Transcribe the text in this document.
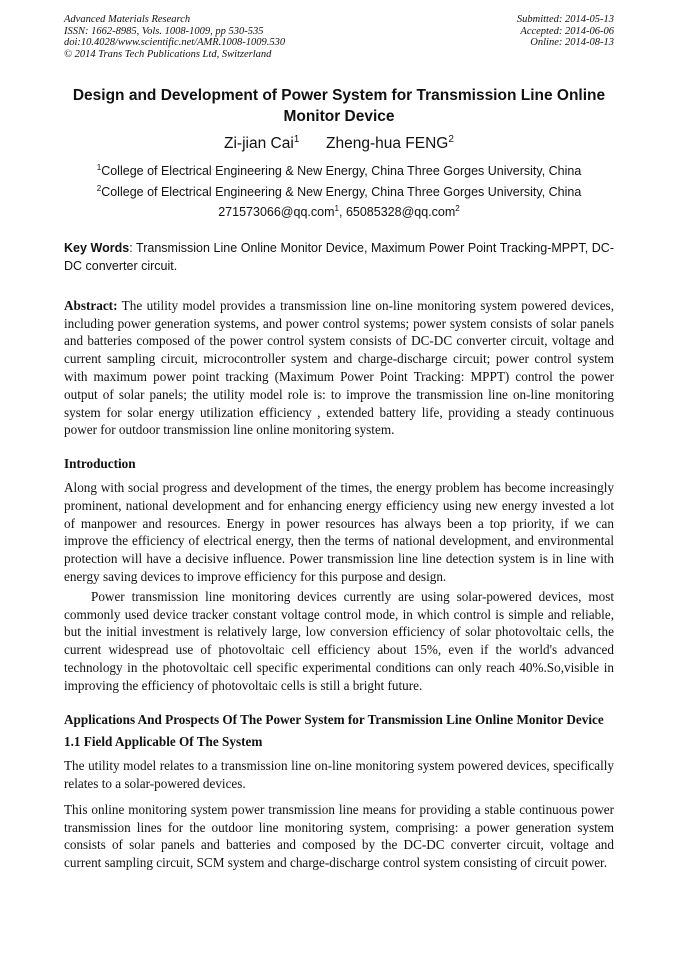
Advanced Materials Research
ISSN: 1662-8985, Vols. 1008-1009, pp 530-535
doi:10.4028/www.scientific.net/AMR.1008-1009.530
© 2014 Trans Tech Publications Ltd, Switzerland
Submitted: 2014-05-13
Accepted: 2014-06-06
Online: 2014-08-13
Design and Development of Power System for Transmission Line Online Monitor Device
Zi-jian Cai$^1$ Zheng-hua FENG$^2$
$^1$College of Electrical Engineering & New Energy, China Three Gorges University, China
$^2$College of Electrical Engineering & New Energy, China Three Gorges University, China
271573066@qq.com$^1$, 65085328@qq.com$^2$
Key Words: Transmission Line Online Monitor Device, Maximum Power Point Tracking-MPPT, DC-DC converter circuit.

Abstract: The utility model provides a transmission line on-line monitoring system powered devices, including power generation systems, and power control systems; power system consists of solar panels and batteries composed of the power control system consists of DC-DC converter circuit, voltage and current sampling circuit, microcontroller system and charge-discharge circuit; power control system with maximum power point tracking (Maximum Power Point Tracking: MPPT) control the power output of solar panels; the utility model role is: to improve the transmission line on-line monitoring system for solar energy utilization efficiency , extended battery life, providing a steady continuous power for outdoor transmission line online monitoring system.

Introduction

Along with social progress and development of the times, the energy problem has become increasingly prominent, national development and for enhancing energy efficiency using new energy invested a lot of manpower and resources. Energy in power resources has always been a top priority, if we can improve the efficiency of electrical energy, then the terms of national development, and environmental protection will have a decisive influence. Power transmission line line detection system is in line with energy saving devices to improve efficiency for this purpose and design.

Power transmission line monitoring devices currently are using solar-powered devices, most commonly used device tracker constant voltage control mode, in which control is simple and reliable, but the initial investment is relatively large, low conversion efficiency of solar photovoltaic cells, the current widespread use of photovoltaic cell efficiency about 15%, even if the world's advanced technology in the photovoltaic cell specific experimental conditions can only reach 40%.So,visible in improving the efficiency of photovoltaic cells is still a bright future.

Applications And Prospects Of The Power System for Transmission Line Online Monitor Device

1.1 Field Applicable Of The System

The utility model relates to a transmission line on-line monitoring system powered devices, specifically relates to a solar-powered devices.

This online monitoring system power transmission line means for providing a stable continuous power transmission lines for the outdoor line monitoring system, comprising: a power generation system consists of solar panels and batteries and composed by the DC-DC converter circuit, voltage and current sampling circuit, SCM system and charge-discharge control system consisting of circuit power.
